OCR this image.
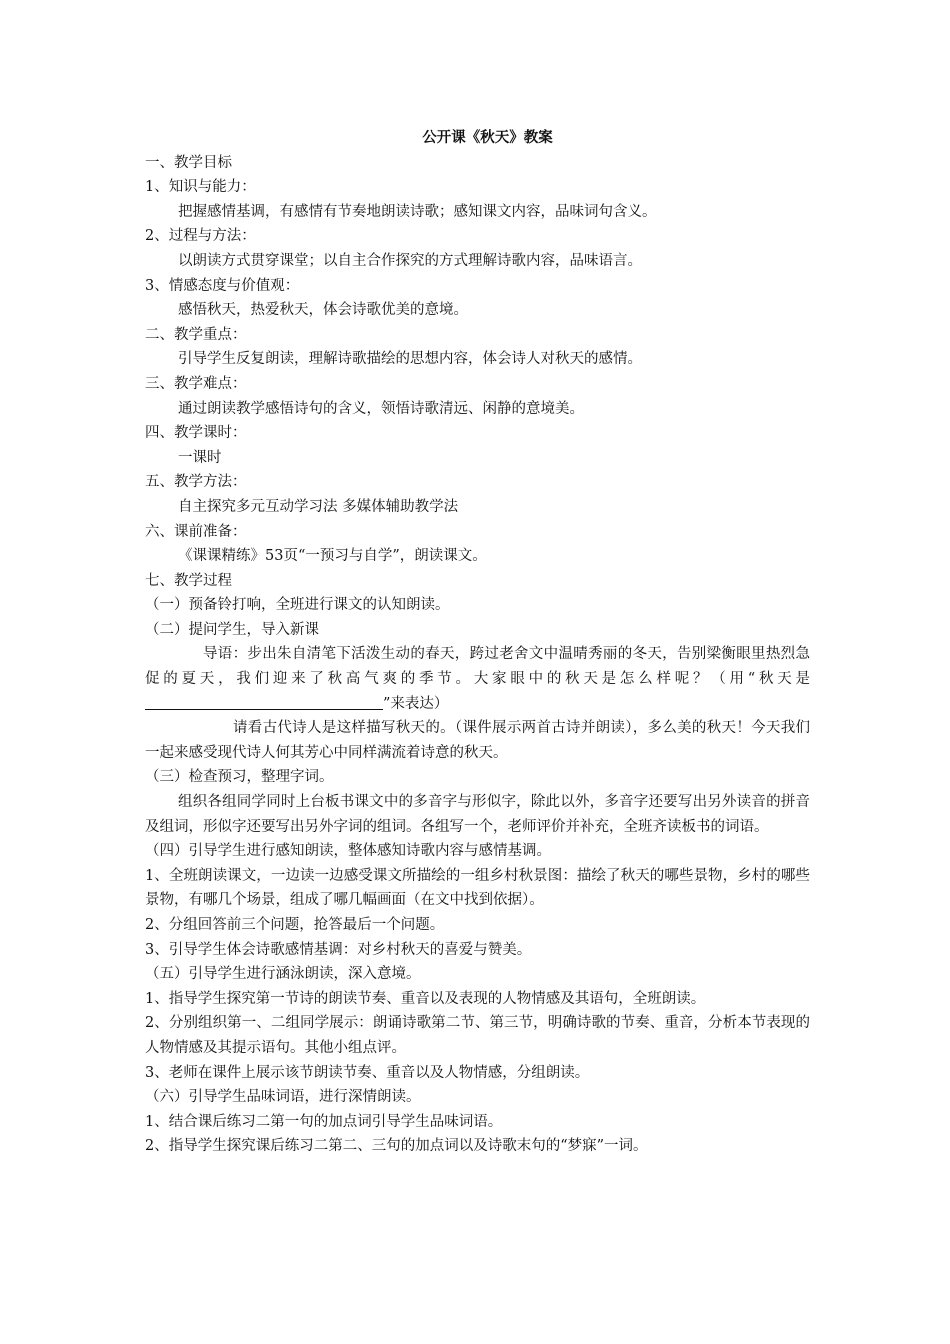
公开课《秋天》教案
一、教学目标
1、知识与能力：
把握感情基调，有感情有节奏地朗读诗歌；感知课文内容，品味词句含义。
2、过程与方法：
以朗读方式贯穿课堂；以自主合作探究的方式理解诗歌内容，品味语言。
3、情感态度与价值观：
感悟秋天，热爱秋天，体会诗歌优美的意境。
二、教学重点：
引导学生反复朗读，理解诗歌描绘的思想内容，体会诗人对秋天的感情。
三、教学难点：
通过朗读教学感悟诗句的含义，领悟诗歌清远、闲静的意境美。
四、教学课时：
一课时
五、教学方法：
自主探究多元互动学习法 多媒体辅助教学法
六、课前准备：
《课课精练》53页“一预习与自学”，朗读课文。
七、教学过程
（一）预备铃打响，全班进行课文的认知朗读。
（二）提问学生，导入新课
导语：步出朱自清笔下活泼生动的春天，跨过老舍文中温晴秀丽的冬天，告别梁衡眼里热烈急促的夏天，我们迎来了秋高气爽的季节。大家眼中的秋天是怎么样呢？（用“秋天是”来表达）
请看古代诗人是这样描写秋天的。（课件展示两首古诗并朗读），多么美的秋天！今天我们一起来感受现代诗人何其芳心中同样满流着诗意的秋天。
（三）检查预习，整理字词。
组织各组同学同时上台板书课文中的多音字与形似字，除此以外，多音字还要写出另外读音的拼音及组词，形似字还要写出另外字词的组词。各组写一个，老师评价并补充，全班齐读板书的词语。
（四）引导学生进行感知朗读，整体感知诗歌内容与感情基调。
1、全班朗读课文，一边读一边感受课文所描绘的一组乡村秋景图：描绘了秋天的哪些景物，乡村的哪些景物，有哪几个场景，组成了哪几幅画面（在文中找到依据）。
2、分组回答前三个问题，抢答最后一个问题。
3、引导学生体会诗歌感情基调：对乡村秋天的喜爱与赞美。
（五）引导学生进行涵泳朗读，深入意境。
1、指导学生探究第一节诗的朗读节奏、重音以及表现的人物情感及其语句，全班朗读。
2、分别组织第一、二组同学展示：朗诵诗歌第二节、第三节，明确诗歌的节奏、重音，分析本节表现的人物情感及其提示语句。其他小组点评。
3、老师在课件上展示该节朗读节奏、重音以及人物情感，分组朗读。
（六）引导学生品味词语，进行深情朗读。
1、结合课后练习二第一句的加点词引导学生品味词语。
2、指导学生探究课后练习二第二、三句的加点词以及诗歌末句的“梦寐”一词。
